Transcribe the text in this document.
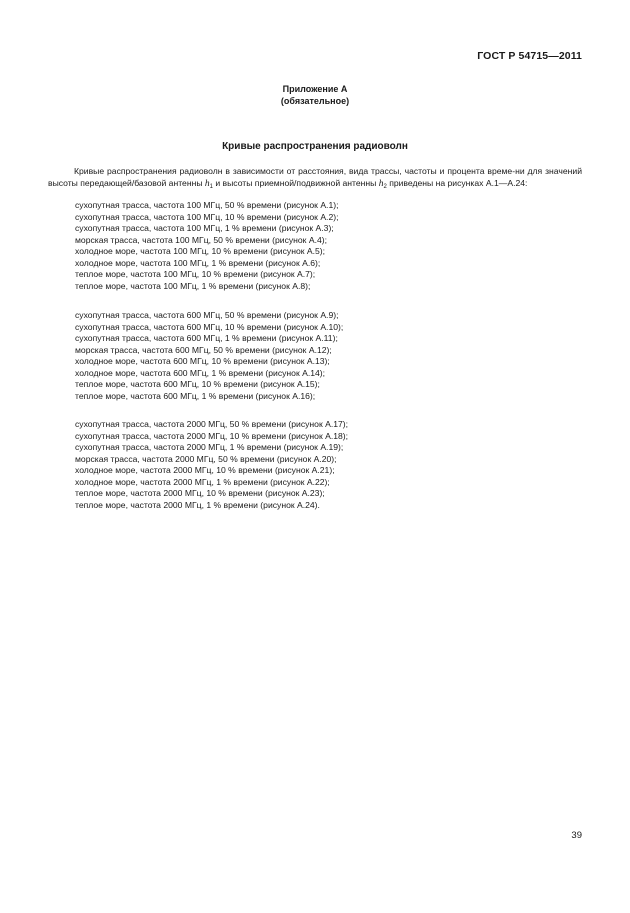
ГОСТ Р 54715—2011
Приложение А
(обязательное)
Кривые распространения радиоволн

Кривые распространения радиоволн в зависимости от расстояния, вида трассы, частоты и процента време-ни для значений высоты передающей/базовой антенны $h_1$ и высоты приемной/подвижной антенны $h_2$ приведены на рисунках А.1—А.24:

сухопутная трасса, частота 100 МГц, 50 % времени (рисунок А.1);
сухопутная трасса, частота 100 МГц, 10 % времени (рисунок А.2);
сухопутная трасса, частота 100 МГц, 1 % времени (рисунок А.3);
морская трасса, частота 100 МГц, 50 % времени (рисунок А.4);
холодное море, частота 100 МГц, 10 % времени (рисунок А.5);
холодное море, частота 100 МГц, 1 % времени (рисунок А.6);
теплое море, частота 100 МГц, 10 % времени (рисунок А.7);
теплое море, частота 100 МГц, 1 % времени (рисунок А.8);
сухопутная трасса, частота 600 МГц, 50 % времени (рисунок А.9);
сухопутная трасса, частота 600 МГц, 10 % времени (рисунок А.10);
сухопутная трасса, частота 600 МГц, 1 % времени (рисунок А.11);
морская трасса, частота 600 МГц, 50 % времени (рисунок А.12);
холодное море, частота 600 МГц, 10 % времени (рисунок А.13);
холодное море, частота 600 МГц, 1 % времени (рисунок А.14);
теплое море, частота 600 МГц, 10 % времени (рисунок А.15);
теплое море, частота 600 МГц, 1 % времени (рисунок А.16);
сухопутная трасса, частота 2000 МГц, 50 % времени (рисунок А.17);
сухопутная трасса, частота 2000 МГц, 10 % времени (рисунок А.18);
сухопутная трасса, частота 2000 МГц, 1 % времени (рисунок А.19);
морская трасса, частота 2000 МГц, 50 % времени (рисунок А.20);
холодное море, частота 2000 МГц, 10 % времени (рисунок А.21);
холодное море, частота 2000 МГц, 1 % времени (рисунок А.22);
теплое море, частота 2000 МГц, 10 % времени (рисунок А.23);
теплое море, частота 2000 МГц, 1 % времени (рисунок А.24).
39
